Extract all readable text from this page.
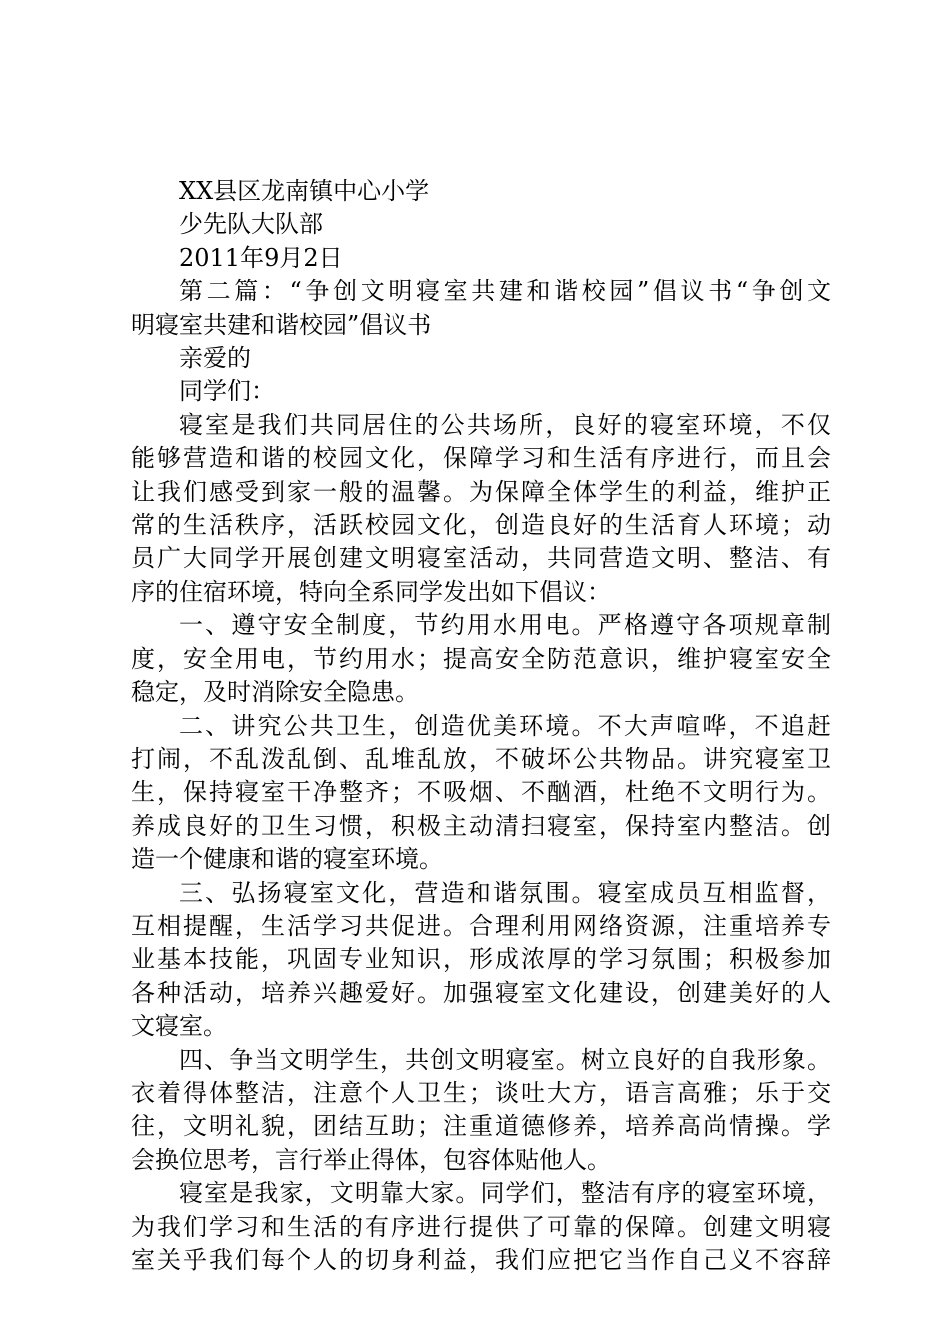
XX县区龙南镇中心小学
少先队大队部
2011年9月2日
第二篇：“争创文明寝室共建和谐校园”倡议书“争创文
明寝室共建和谐校园”倡议书
亲爱的
同学们：

寝室是我们共同居住的公共场所，良好的寝室环境，不仅
能够营造和谐的校园文化，保障学习和生活有序进行，而且会
让我们感受到家一般的温馨。为保障全体学生的利益，维护正
常的生活秩序，活跃校园文化，创造良好的生活育人环境；动
员广大同学开展创建文明寝室活动，共同营造文明、整洁、有
序的住宿环境，特向全系同学发出如下倡议：

一、遵守安全制度，节约用水用电。严格遵守各项规章制
度，安全用电，节约用水；提高安全防范意识，维护寝室安全
稳定，及时消除安全隐患。

二、讲究公共卫生，创造优美环境。不大声喧哗，不追赶
打闹，不乱泼乱倒、乱堆乱放，不破坏公共物品。讲究寝室卫
生，保持寝室干净整齐；不吸烟、不酗酒，杜绝不文明行为。
养成良好的卫生习惯，积极主动清扫寝室，保持室内整洁。创
造一个健康和谐的寝室环境。

三、弘扬寝室文化，营造和谐氛围。寝室成员互相监督，
互相提醒，生活学习共促进。合理利用网络资源，注重培养专
业基本技能，巩固专业知识，形成浓厚的学习氛围；积极参加
各种活动，培养兴趣爱好。加强寝室文化建设，创建美好的人
文寝室。

四、争当文明学生，共创文明寝室。树立良好的自我形象。
衣着得体整洁，注意个人卫生；谈吐大方，语言高雅；乐于交
往，文明礼貌，团结互助；注重道德修养，培养高尚情操。学
会换位思考，言行举止得体，包容体贴他人。

寝室是我家，文明靠大家。同学们，整洁有序的寝室环境，
为我们学习和生活的有序进行提供了可靠的保障。创建文明寝
室关乎我们每个人的切身利益，我们应把它当作自己义不容辞
